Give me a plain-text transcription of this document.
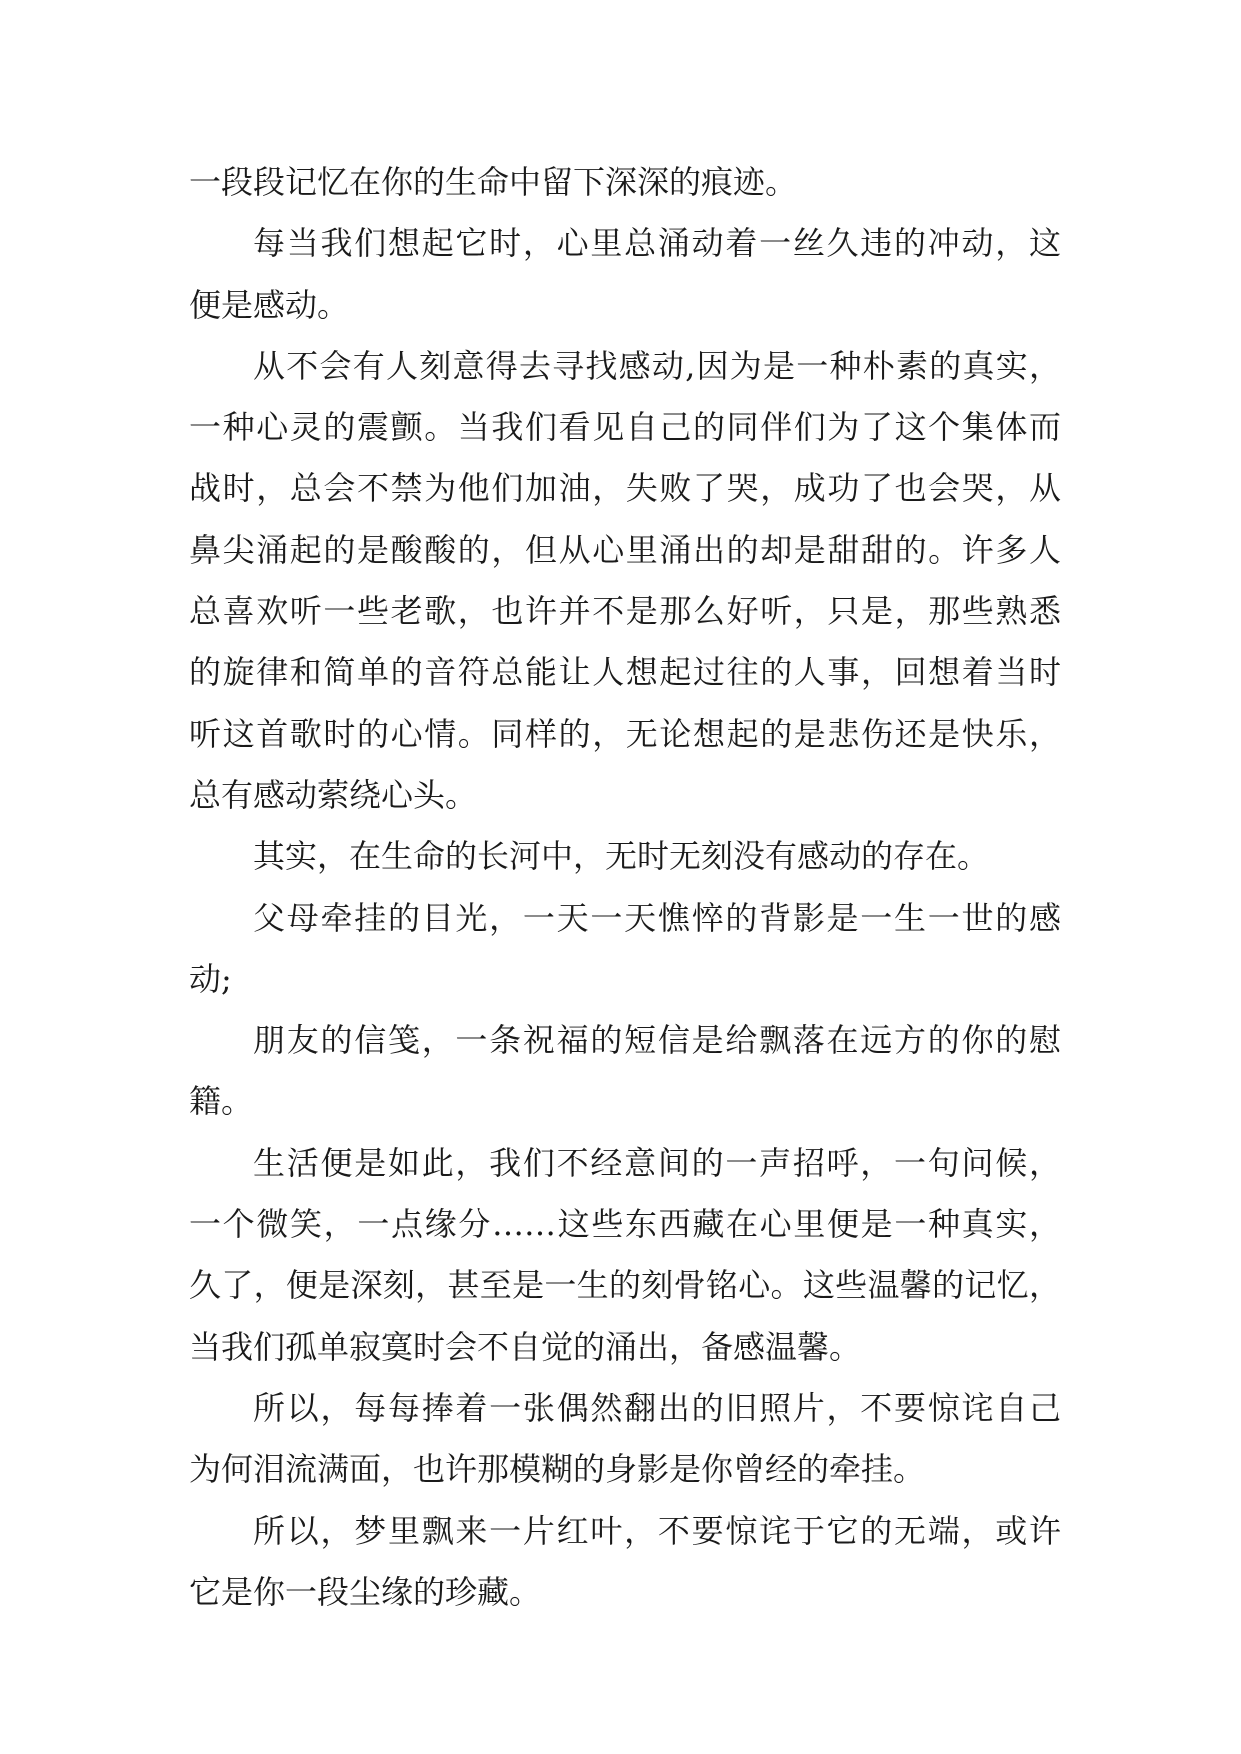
一段段记忆在你的生命中留下深深的痕迹。
每当我们想起它时，心里总涌动着一丝久违的冲动，这
便是感动。
从不会有人刻意得去寻找感动,因为是一种朴素的真实，
一种心灵的震颤。当我们看见自己的同伴们为了这个集体而
战时，总会不禁为他们加油，失败了哭，成功了也会哭，从
鼻尖涌起的是酸酸的，但从心里涌出的却是甜甜的。许多人
总喜欢听一些老歌，也许并不是那么好听，只是，那些熟悉
的旋律和简单的音符总能让人想起过往的人事，回想着当时
听这首歌时的心情。同样的，无论想起的是悲伤还是快乐，
总有感动萦绕心头。
其实，在生命的长河中，无时无刻没有感动的存在。
父母牵挂的目光，一天一天憔悴的背影是一生一世的感
动;
朋友的信笺，一条祝福的短信是给飘落在远方的你的慰
籍。
生活便是如此，我们不经意间的一声招呼，一句问候，
一个微笑，一点缘分……这些东西藏在心里便是一种真实，
久了，便是深刻，甚至是一生的刻骨铭心。这些温馨的记忆，
当我们孤单寂寞时会不自觉的涌出，备感温馨。
所以，每每捧着一张偶然翻出的旧照片，不要惊诧自己
为何泪流满面，也许那模糊的身影是你曾经的牵挂。
所以，梦里飘来一片红叶，不要惊诧于它的无端，或许
它是你一段尘缘的珍藏。
